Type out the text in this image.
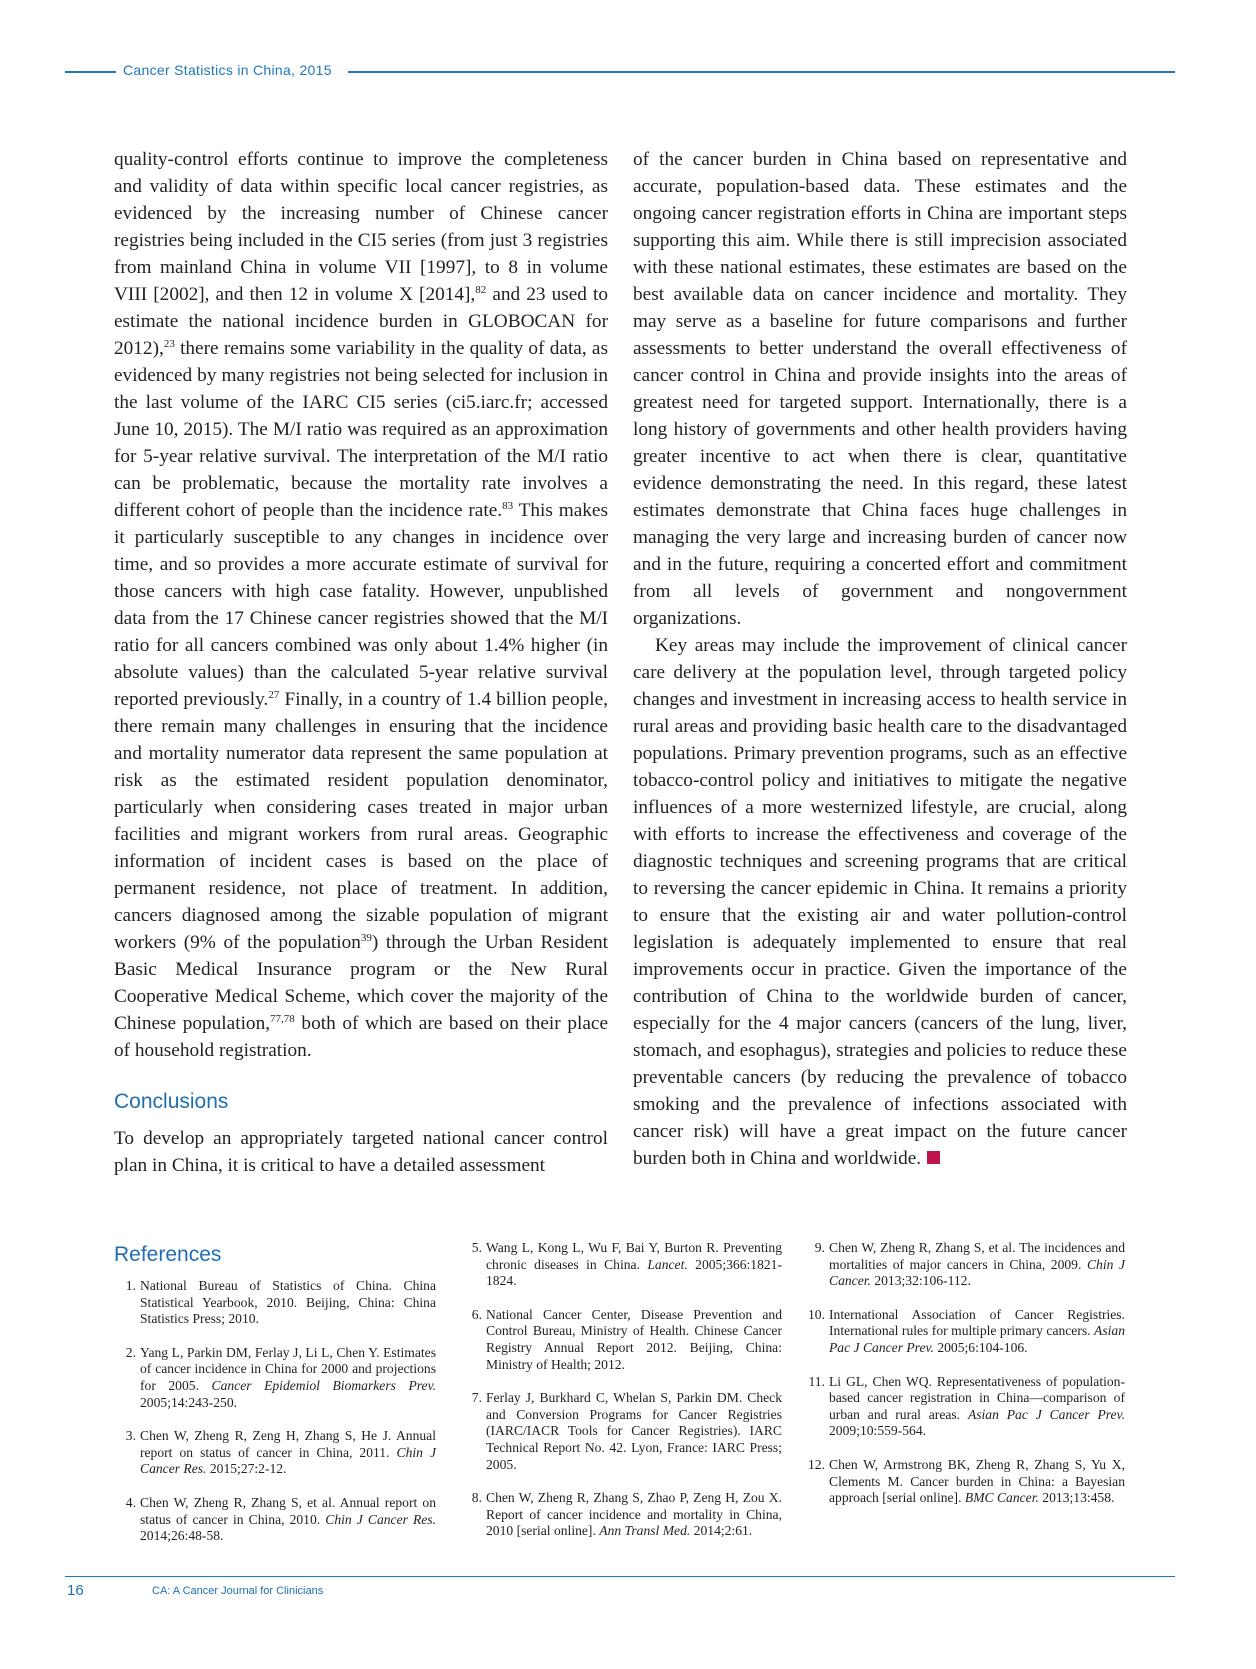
Cancer Statistics in China, 2015

quality-control efforts continue to improve the completeness and validity of data within specific local cancer registries, as evidenced by the increasing number of Chinese cancer registries being included in the CI5 series (from just 3 registries from mainland China in volume VII [1997], to 8 in volume VIII [2002], and then 12 in volume X [2014],$^{82}$ and 23 used to estimate the national incidence burden in GLOBOCAN for 2012),$^{23}$ there remains some variability in the quality of data, as evidenced by many registries not being selected for inclusion in the last volume of the IARC CI5 series (ci5.iarc.fr; accessed June 10, 2015). The M/I ratio was required as an approximation for 5-year relative survival. The interpretation of the M/I ratio can be problematic, because the mortality rate involves a different cohort of people than the incidence rate.$^{83}$ This makes it particularly susceptible to any changes in incidence over time, and so provides a more accurate estimate of survival for those cancers with high case fatality. However, unpublished data from the 17 Chinese cancer registries showed that the M/I ratio for all cancers combined was only about 1.4% higher (in absolute values) than the calculated 5-year relative survival reported previously.$^{27}$ Finally, in a country of 1.4 billion people, there remain many challenges in ensuring that the incidence and mortality numerator data represent the same population at risk as the estimated resident population denominator, particularly when considering cases treated in major urban facilities and migrant workers from rural areas. Geographic information of incident cases is based on the place of permanent residence, not place of treatment. In addition, cancers diagnosed among the sizable population of migrant workers (9% of the population$^{39}$) through the Urban Resident Basic Medical Insurance program or the New Rural Cooperative Medical Scheme, which cover the majority of the Chinese population,$^{77,78}$ both of which are based on their place of household registration.

Conclusions

To develop an appropriately targeted national cancer control plan in China, it is critical to have a detailed assessment

of the cancer burden in China based on representative and accurate, population-based data. These estimates and the ongoing cancer registration efforts in China are important steps supporting this aim. While there is still imprecision associated with these national estimates, these estimates are based on the best available data on cancer incidence and mortality. They may serve as a baseline for future comparisons and further assessments to better understand the overall effectiveness of cancer control in China and provide insights into the areas of greatest need for targeted support. Internationally, there is a long history of governments and other health providers having greater incentive to act when there is clear, quantitative evidence demonstrating the need. In this regard, these latest estimates demonstrate that China faces huge challenges in managing the very large and increasing burden of cancer now and in the future, requiring a concerted effort and commitment from all levels of government and nongovernment organizations.

Key areas may include the improvement of clinical cancer care delivery at the population level, through targeted policy changes and investment in increasing access to health service in rural areas and providing basic health care to the disadvantaged populations. Primary prevention programs, such as an effective tobacco-control policy and initiatives to mitigate the negative influences of a more westernized lifestyle, are crucial, along with efforts to increase the effectiveness and coverage of the diagnostic techniques and screening programs that are critical to reversing the cancer epidemic in China. It remains a priority to ensure that the existing air and water pollution-control legislation is adequately implemented to ensure that real improvements occur in practice. Given the importance of the contribution of China to the worldwide burden of cancer, especially for the 4 major cancers (cancers of the lung, liver, stomach, and esophagus), strategies and policies to reduce these preventable cancers (by reducing the prevalence of tobacco smoking and the prevalence of infections associated with cancer risk) will have a great impact on the future cancer burden both in China and worldwide.

References
1. National Bureau of Statistics of China. China Statistical Yearbook, 2010. Beijing, China: China Statistics Press; 2010.
2. Yang L, Parkin DM, Ferlay J, Li L, Chen Y. Estimates of cancer incidence in China for 2000 and projections for 2005. Cancer Epidemiol Biomarkers Prev. 2005;14:243-250.
3. Chen W, Zheng R, Zeng H, Zhang S, He J. Annual report on status of cancer in China, 2011. Chin J Cancer Res. 2015;27:2-12.
4. Chen W, Zheng R, Zhang S, et al. Annual report on status of cancer in China, 2010. Chin J Cancer Res. 2014;26:48-58.
5. Wang L, Kong L, Wu F, Bai Y, Burton R. Preventing chronic diseases in China. Lancet. 2005;366:1821-1824.
6. National Cancer Center, Disease Prevention and Control Bureau, Ministry of Health. Chinese Cancer Registry Annual Report 2012. Beijing, China: Ministry of Health; 2012.
7. Ferlay J, Burkhard C, Whelan S, Parkin DM. Check and Conversion Programs for Cancer Registries (IARC/IACR Tools for Cancer Registries). IARC Technical Report No. 42. Lyon, France: IARC Press; 2005.
8. Chen W, Zheng R, Zhang S, Zhao P, Zeng H, Zou X. Report of cancer incidence and mortality in China, 2010 [serial online]. Ann Transl Med. 2014;2:61.
9. Chen W, Zheng R, Zhang S, et al. The incidences and mortalities of major cancers in China, 2009. Chin J Cancer. 2013;32:106-112.
10. International Association of Cancer Registries. International rules for multiple primary cancers. Asian Pac J Cancer Prev. 2005;6:104-106.
11. Li GL, Chen WQ. Representativeness of population-based cancer registration in China—comparison of urban and rural areas. Asian Pac J Cancer Prev. 2009;10:559-564.
12. Chen W, Armstrong BK, Zheng R, Zhang S, Yu X, Clements M. Cancer burden in China: a Bayesian approach [serial online]. BMC Cancer. 2013;13:458.
16	CA: A Cancer Journal for Clinicians
